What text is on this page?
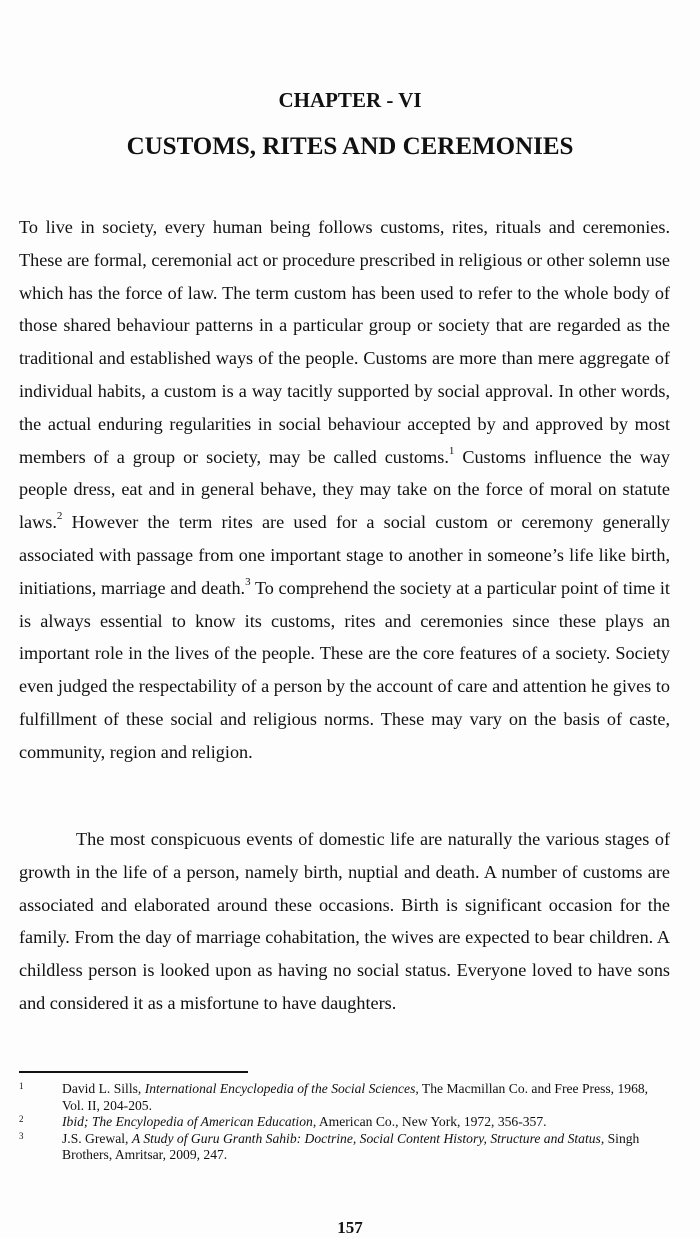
CHAPTER - VI
CUSTOMS, RITES AND CEREMONIES

To live in society, every human being follows customs, rites, rituals and ceremonies. These are formal, ceremonial act or procedure prescribed in religious or other solemn use which has the force of law. The term custom has been used to refer to the whole body of those shared behaviour patterns in a particular group or society that are regarded as the traditional and established ways of the people. Customs are more than mere aggregate of individual habits, a custom is a way tacitly supported by social approval. In other words, the actual enduring regularities in social behaviour accepted by and approved by most members of a group or society, may be called customs.$^1$ Customs influence the way people dress, eat and in general behave, they may take on the force of moral on statute laws.$^2$ However the term rites are used for a social custom or ceremony generally associated with passage from one important stage to another in someone’s life like birth, initiations, marriage and death.$^3$ To comprehend the society at a particular point of time it is always essential to know its customs, rites and ceremonies since these plays an important role in the lives of the people. These are the core features of a society. Society even judged the respectability of a person by the account of care and attention he gives to fulfillment of these social and religious norms. These may vary on the basis of caste, community, region and religion.

The most conspicuous events of domestic life are naturally the various stages of growth in the life of a person, namely birth, nuptial and death. A number of customs are associated and elaborated around these occasions. Birth is significant occasion for the family. From the day of marriage cohabitation, the wives are expected to bear children. A childless person is looked upon as having no social status. Everyone loved to have sons and considered it as a misfortune to have daughters.

1	David L. Sills, International Encyclopedia of the Social Sciences, The Macmillan Co. and Free Press, 1968, Vol. II, 204-205.
2	Ibid; The Encylopedia of American Education, American Co., New York, 1972, 356-357.
3	J.S. Grewal, A Study of Guru Granth Sahib: Doctrine, Social Content History, Structure and Status, Singh Brothers, Amritsar, 2009, 247.
157
